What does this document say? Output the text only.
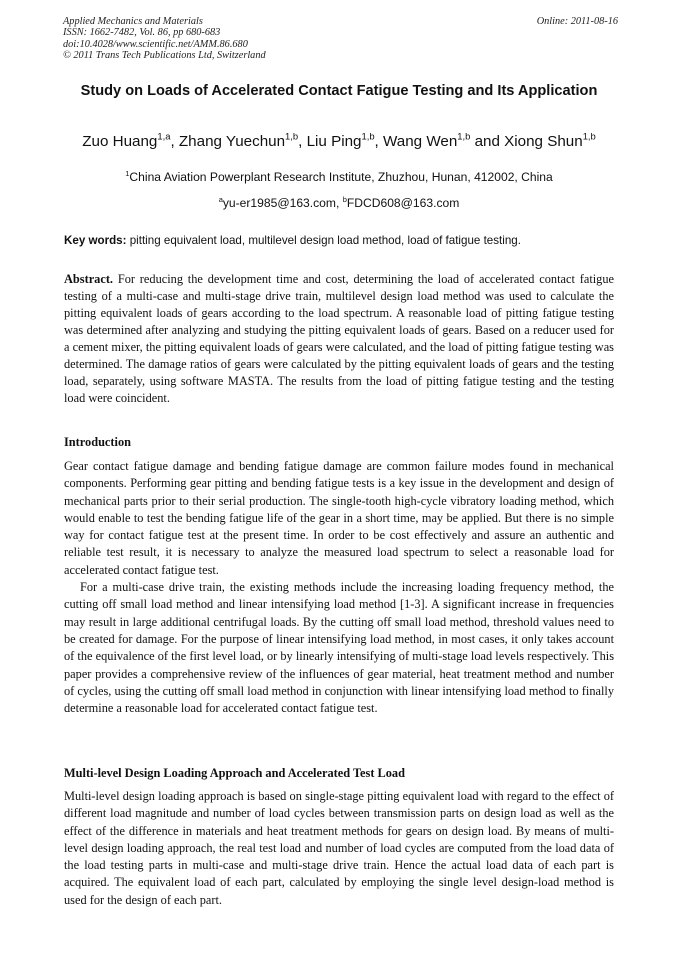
Applied Mechanics and Materials
ISSN: 1662-7482, Vol. 86, pp 680-683
doi:10.4028/www.scientific.net/AMM.86.680
© 2011 Trans Tech Publications Ltd, Switzerland
Online: 2011-08-16
Study on Loads of Accelerated Contact Fatigue Testing and Its Application
Zuo Huang$^{1,a}$, Zhang Yuechun$^{1,b}$, Liu Ping$^{1,b}$, Wang Wen$^{1,b}$ and Xiong Shun$^{1,b}$
$^1$China Aviation Powerplant Research Institute, Zhuzhou, Hunan, 412002, China
$^a$yu-er1985@163.com, $^b$FDCD608@163.com
Key words: pitting equivalent load, multilevel design load method, load of fatigue testing.
Abstract. For reducing the development time and cost, determining the load of accelerated contact fatigue testing of a multi-case and multi-stage drive train, multilevel design load method was used to calculate the pitting equivalent loads of gears according to the load spectrum. A reasonable load of pitting fatigue testing was determined after analyzing and studying the pitting equivalent loads of gears. Based on a reducer used for a cement mixer, the pitting equivalent loads of gears were calculated, and the load of pitting fatigue testing was determined. The damage ratios of gears were calculated by the pitting equivalent loads of gears and the testing load, separately, using software MASTA. The results from the load of pitting fatigue testing and the testing load were coincident.
Introduction

Gear contact fatigue damage and bending fatigue damage are common failure modes found in mechanical components. Performing gear pitting and bending fatigue tests is a key issue in the development and design of mechanical parts prior to their serial production. The single-tooth high-cycle vibratory loading method, which would enable to test the bending fatigue life of the gear in a short time, may be applied. But there is no simple way for contact fatigue test at the present time. In order to be cost effectively and assure an authentic and reliable test result, it is necessary to analyze the measured load spectrum to select a reasonable load for accelerated contact fatigue test.

For a multi-case drive train, the existing methods include the increasing loading frequency method, the cutting off small load method and linear intensifying load method [1-3]. A significant increase in frequencies may result in large additional centrifugal loads. By the cutting off small load method, threshold values need to be created for damage. For the purpose of linear intensifying load method, in most cases, it only takes account of the equivalence of the first level load, or by linearly intensifying of multi-stage load levels respectively. This paper provides a comprehensive review of the influences of gear material, heat treatment method and number of cycles, using the cutting off small load method in conjunction with linear intensifying load method to finally determine a reasonable load for accelerated contact fatigue test.

Multi-level Design Loading Approach and Accelerated Test Load

Multi-level design loading approach is based on single-stage pitting equivalent load with regard to the effect of different load magnitude and number of load cycles between transmission parts on design load as well as the effect of the difference in materials and heat treatment methods for gears on design load. By means of multi-level design loading approach, the real test load and number of load cycles are computed from the load data of the load testing parts in multi-case and multi-stage drive train. Hence the actual load data of each part is acquired. The equivalent load of each part, calculated by employing the single level design-load method is used for the design of each part.
